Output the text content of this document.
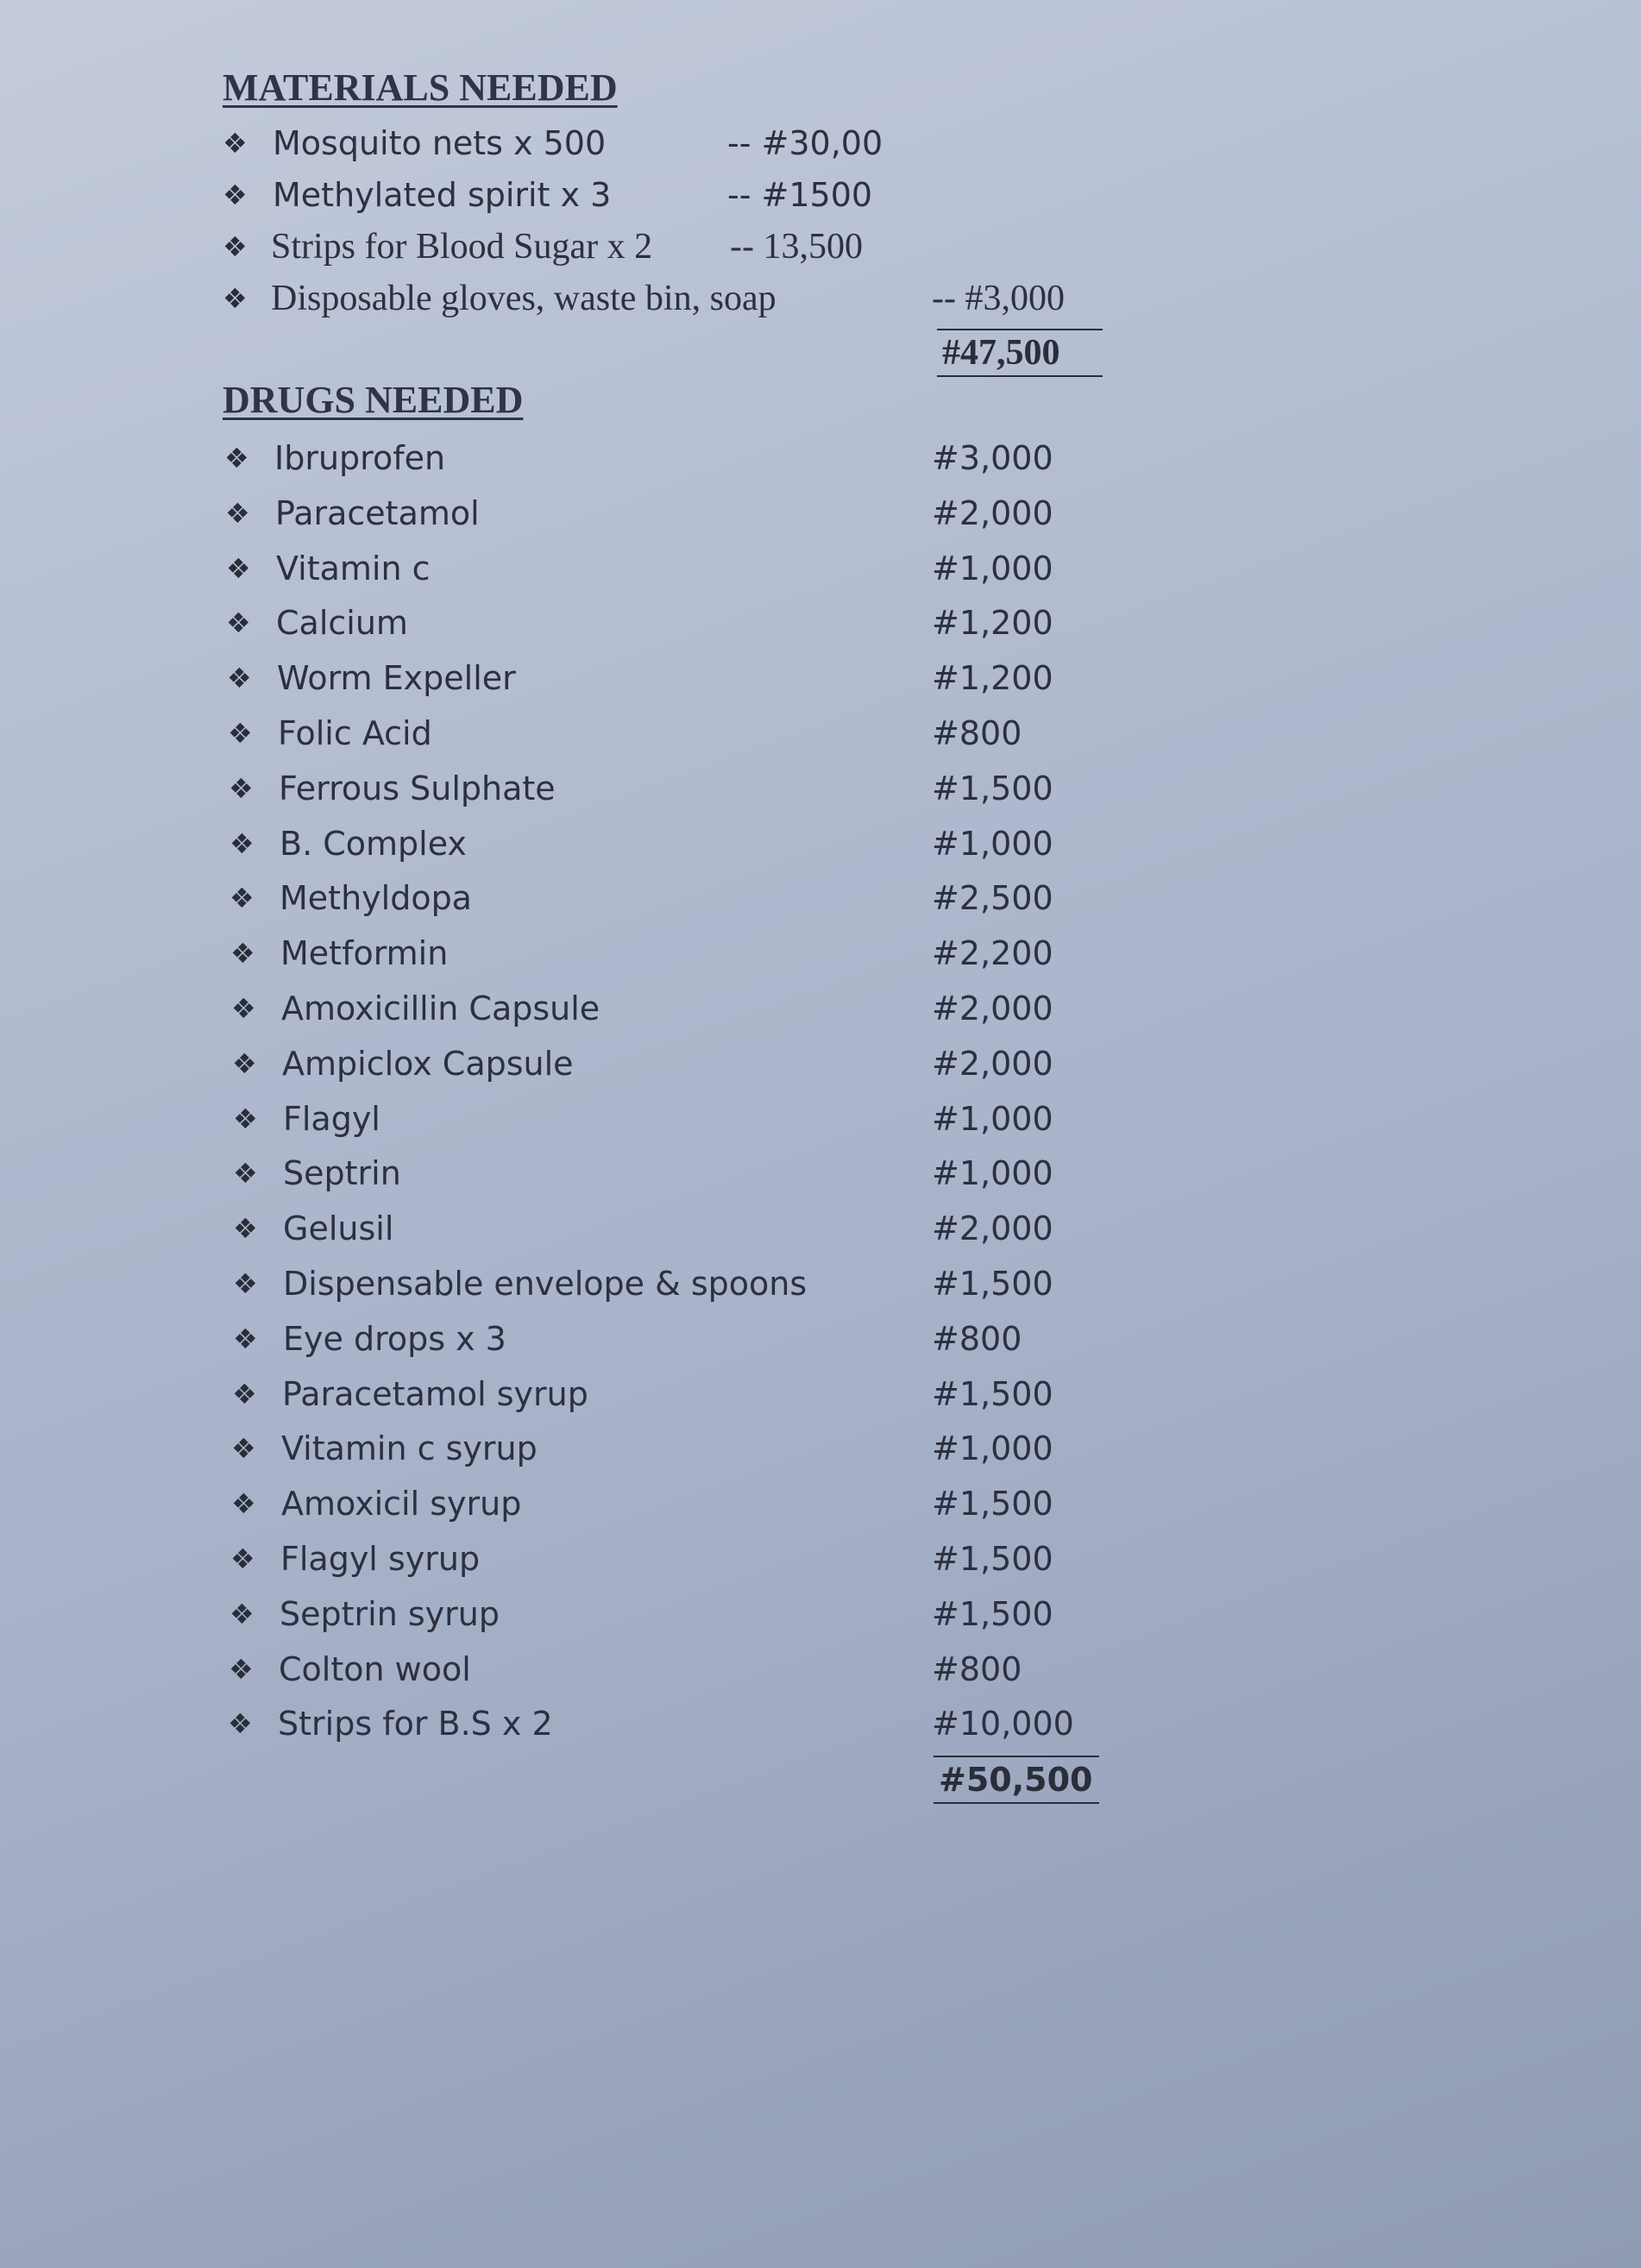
MATERIALS NEEDED
❖ Mosquito nets x 500	-- #30,00
❖ Methylated spirit x 3	-- #1500
❖ Strips for Blood Sugar x 2 -- 13,500
❖ Disposable gloves, waste bin, soap	-- #3,000
#47,500
DRUGS NEEDED
❖ Ibruprofen	#3,000
❖ Paracetamol	#2,000
❖ Vitamin c	#1,000
❖ Calcium	#1,200
❖ Worm Expeller	#1,200
❖ Folic Acid	#800
❖ Ferrous Sulphate	#1,500
❖ B. Complex	#1,000
❖ Methyldopa	#2,500
❖ Metformin	#2,200
❖ Amoxicillin Capsule	#2,000
❖ Ampiclox Capsule	#2,000
❖ Flagyl	#1,000
❖ Septrin	#1,000
❖ Gelusil	#2,000
❖ Dispensable envelope & spoons	#1,500
❖ Eye drops x 3	#800
❖ Paracetamol syrup	#1,500
❖ Vitamin c syrup	#1,000
❖ Amoxicil syrup	#1,500
❖ Flagyl syrup	#1,500
❖ Septrin syrup	#1,500
❖ Colton wool	#800
❖ Strips for B.S x 2	#10,000
#50,500
